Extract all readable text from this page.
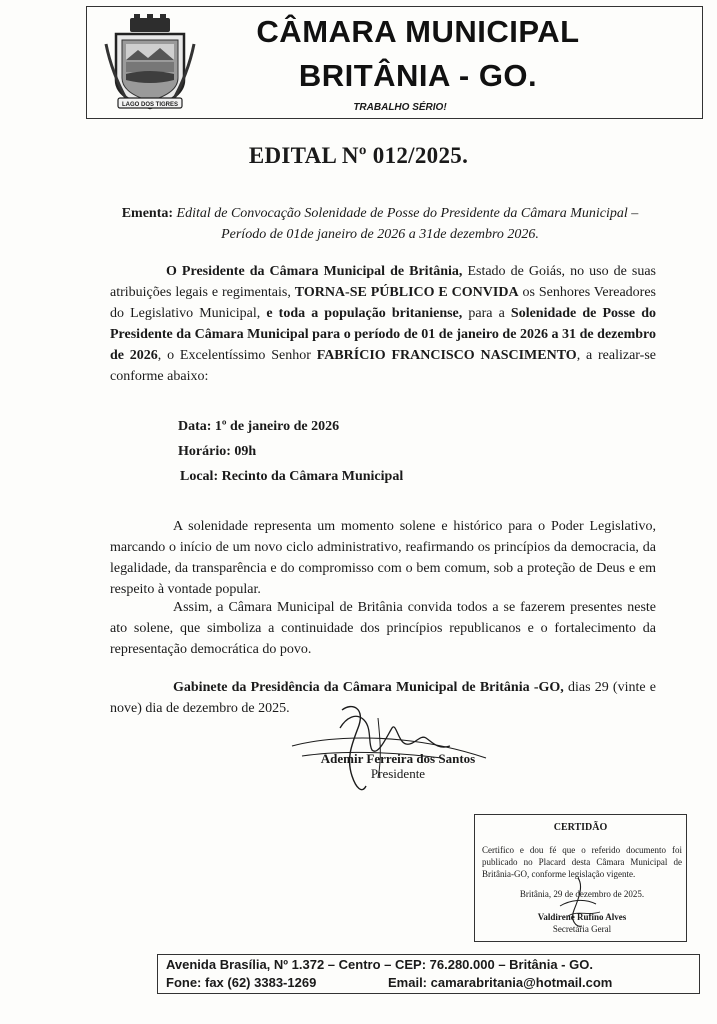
LAGO DOS TIGRES
CÂMARA MUNICIPAL
BRITÂNIA - GO.
TRABALHO SÉRIO!
EDITAL Nº 012/2025.
Ementa: Edital de Convocação Solenidade de Posse do Presidente da Câmara Municipal – Período de 01de janeiro de 2026 a 31de dezembro 2026.
O Presidente da Câmara Municipal de Britânia, Estado de Goiás, no uso de suas atribuições legais e regimentais, TORNA-SE PÚBLICO E CONVIDA os Senhores Vereadores do Legislativo Municipal, e toda a população britaniense, para a Solenidade de Posse do Presidente da Câmara Municipal para o período de 01 de janeiro de 2026 a 31 de dezembro de 2026, o Excelentíssimo Senhor FABRÍCIO FRANCISCO NASCIMENTO, a realizar-se conforme abaixo:
Data: 1º de janeiro de 2026
Horário: 09h
Local: Recinto da Câmara Municipal
A solenidade representa um momento solene e histórico para o Poder Legislativo, marcando o início de um novo ciclo administrativo, reafirmando os princípios da democracia, da legalidade, da transparência e do compromisso com o bem comum, sob a proteção de Deus e em respeito à vontade popular.
Assim, a Câmara Municipal de Britânia convida todos a se fazerem presentes neste ato solene, que simboliza a continuidade dos princípios republicanos e o fortalecimento da representação democrática do povo.
Gabinete da Presidência da Câmara Municipal de Britânia -GO, dias 29 (vinte e nove) dia de dezembro de 2025.
Ademir Ferreira dos Santos
Presidente
CERTIDÃO
Certifico e dou fé que o referido documento foi publicado no Placard desta Câmara Municipal de Britânia-GO, conforme legislação vigente.
Britânia, 29 de dezembro de 2025.
Valdirene Rufino Alves
Secretária Geral
Avenida Brasília, Nº 1.372 – Centro – CEP: 76.280.000 – Britânia - GO.
Fone: fax (62) 3383-1269	Email: camarabritania@hotmail.com
